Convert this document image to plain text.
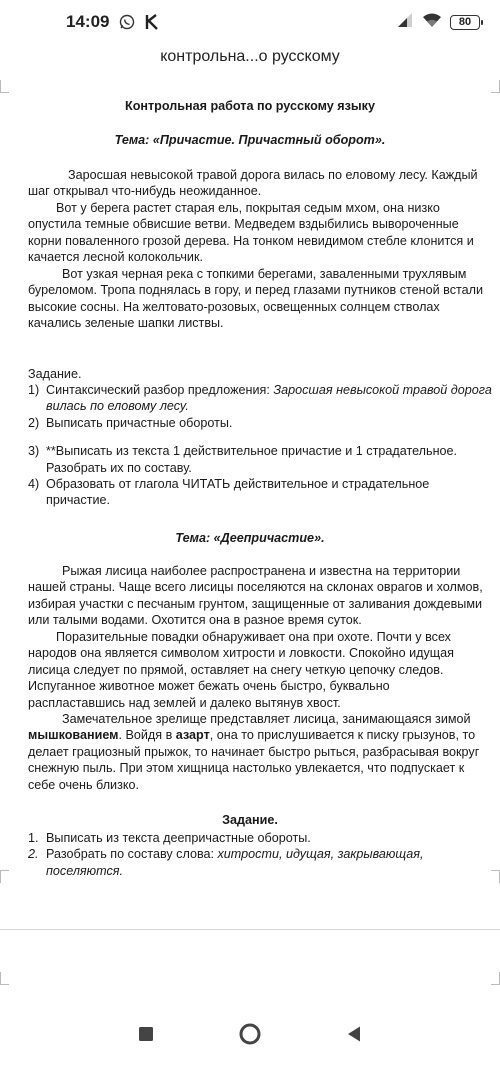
14:09	80
контрольна...о русскому
Контрольная работа по русскому языку
Тема: «Причастие. Причастный оборот».
Заросшая невысокой травой дорога вилась по еловому лесу. Каждый шаг открывал что-нибудь неожиданное.
Вот у берега растет старая ель, покрытая седым мхом, она низко опустила темные обвисшие ветви. Медведем вздыбились вывороченные корни поваленного грозой дерева. На тонком невидимом стебле клонится и качается лесной колокольчик.
Вот узкая черная река с топкими берегами, заваленными трухлявым буреломом. Тропа поднялась в гору, и перед глазами путников стеной встали высокие сосны. На желтовато-розовых, освещенных солнцем стволах качались зеленые шапки листвы.
Задание.
1) Синтаксический разбор предложения: Заросшая невысокой травой дорога вилась по еловому лесу.
2) Выписать причастные обороты.
3) **Выписать из текста 1 действительное причастие и 1 страдательное. Разобрать их по составу.
4) Образовать от глагола ЧИТАТЬ действительное и страдательное причастие.
Тема: «Деепричастие».
Рыжая лисица наиболее распространена и известна на территории нашей страны. Чаще всего лисицы поселяются на склонах оврагов и холмов, избирая участки с песчаным грунтом, защищенные от заливания дождевыми или талыми водами. Охотится она в разное время суток.
Поразительные повадки обнаруживает она при охоте. Почти у всех народов она является символом хитрости и ловкости. Спокойно идущая лисица следует по прямой, оставляет на снегу четкую цепочку следов. Испуганное животное может бежать очень быстро, буквально распластавшись над землей и далеко вытянув хвост.
Замечательное зрелище представляет лисица, занимающаяся зимой мышкованием. Войдя в азарт, она то прислушивается к писку грызунов, то делает грациозный прыжок, то начинает быстро рыться, разбрасывая вокруг снежную пыль. При этом хищница настолько увлекается, что подпускает к себе очень близко.
Задание.
1. Выписать из текста деепричастные обороты.
2. Разобрать по составу слова: хитрости, идущая, закрывающая, поселяются.
